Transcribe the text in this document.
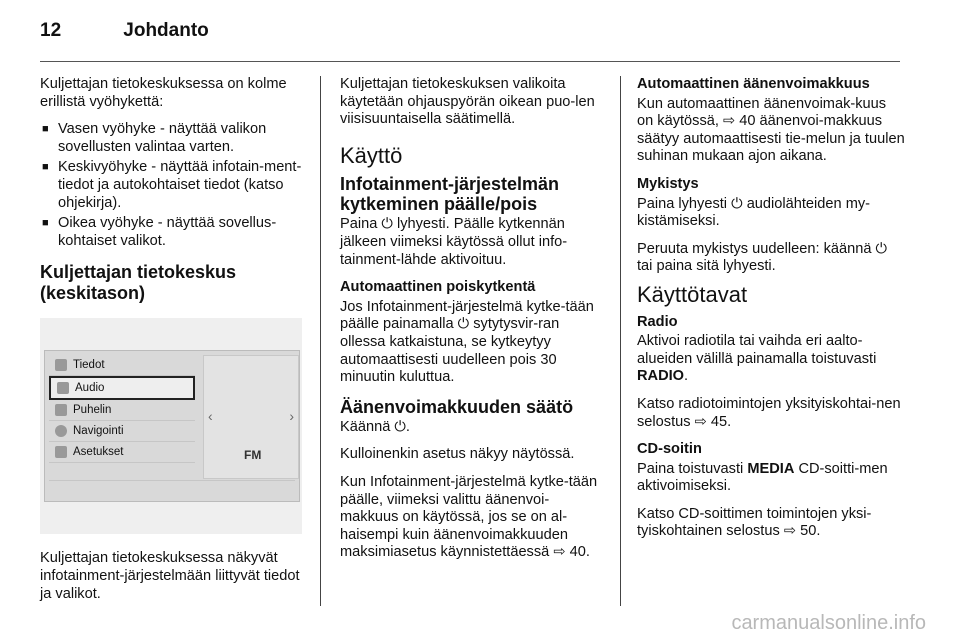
12	Johdanto

Kuljettajan tietokeskuksessa on kolme erillistä vyöhykettä:

■ Vasen vyöhyke - näyttää valikon sovellusten valintaa varten.
■ Keskivyöhyke - näyttää infotain-ment-tiedot ja autokohtaiset tiedot (katso ohjekirja).
■ Oikea vyöhyke - näyttää sovellus-kohtaiset valikot.
Kuljettajan tietokeskus (keskitason)
Tiedot
Audio
Puhelin
Navigointi
Asetukset
‹	›
FM

Kuljettajan tietokeskuksessa näkyvät infotainment-järjestelmään liittyvät tiedot ja valikot.

Kuljettajan tietokeskuksen valikoita käytetään ohjauspyörän oikean puo-len viisisuuntaisella säätimellä.

Käyttö
Infotainment-järjestelmän kytkeminen päälle/pois

Paina ⏻ lyhyesti. Päälle kytkennän jälkeen viimeksi käytössä ollut info-tainment-lähde aktivoituu.

Automaattinen poiskytkentä

Jos Infotainment-järjestelmä kytke-tään päälle painamalla ⏻ sytytysvir-ran ollessa katkaistuna, se kytkeytyy automaattisesti uudelleen pois 30 minuutin kuluttua.

Äänenvoimakkuuden säätö

Käännä ⏻.

Kulloinenkin asetus näkyy näytössä.

Kun Infotainment-järjestelmä kytke-tään päälle, viimeksi valittu äänenvoi-makkuus on käytössä, jos se on al-haisempi kuin äänenvoimakkuuden maksimiasetus käynnistettäessä ⇨ 40.

Automaattinen äänenvoimakkuus

Kun automaattinen äänenvoimak-kuus on käytössä, ⇨ 40 äänenvoi-makkuus säätyy automaattisesti tie-melun ja tuulen suhinan mukaan ajon aikana.

Mykistys

Paina lyhyesti ⏻ audiolähteiden my-kistämiseksi.

Peruuta mykistys uudelleen: käännä ⏻ tai paina sitä lyhyesti.

Käyttötavat
Radio

Aktivoi radiotila tai vaihda eri aalto-alueiden välillä painamalla toistuvasti RADIO.

Katso radiotoimintojen yksityiskohtai-nen selostus ⇨ 45.

CD-soitin

Paina toistuvasti MEDIA CD-soitti-men aktivoimiseksi.

Katso CD-soittimen toimintojen yksi-tyiskohtainen selostus ⇨ 50.

carmanualsonline.info
